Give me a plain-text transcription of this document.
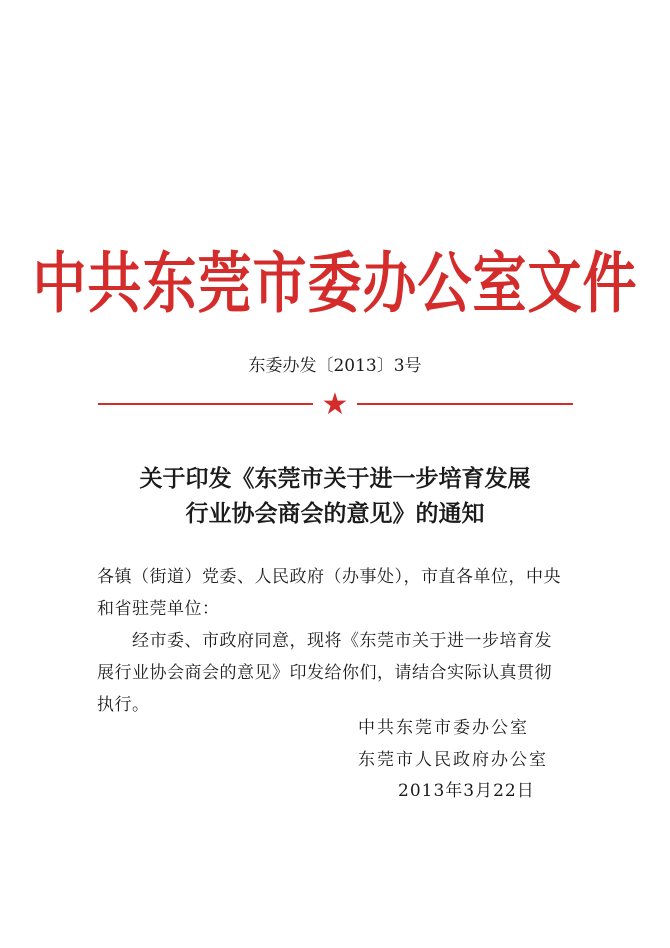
中共东莞市委办公室文件
东委办发〔2013〕3号
★
关于印发《东莞市关于进一步培育发展
行业协会商会的意见》的通知
各镇（街道）党委、人民政府（办事处），市直各单位，中央
和省驻莞单位：
经市委、市政府同意，现将《东莞市关于进一步培育发
展行业协会商会的意见》印发给你们，请结合实际认真贯彻
执行。
中共东莞市委办公室
东莞市人民政府办公室
2013年3月22日
